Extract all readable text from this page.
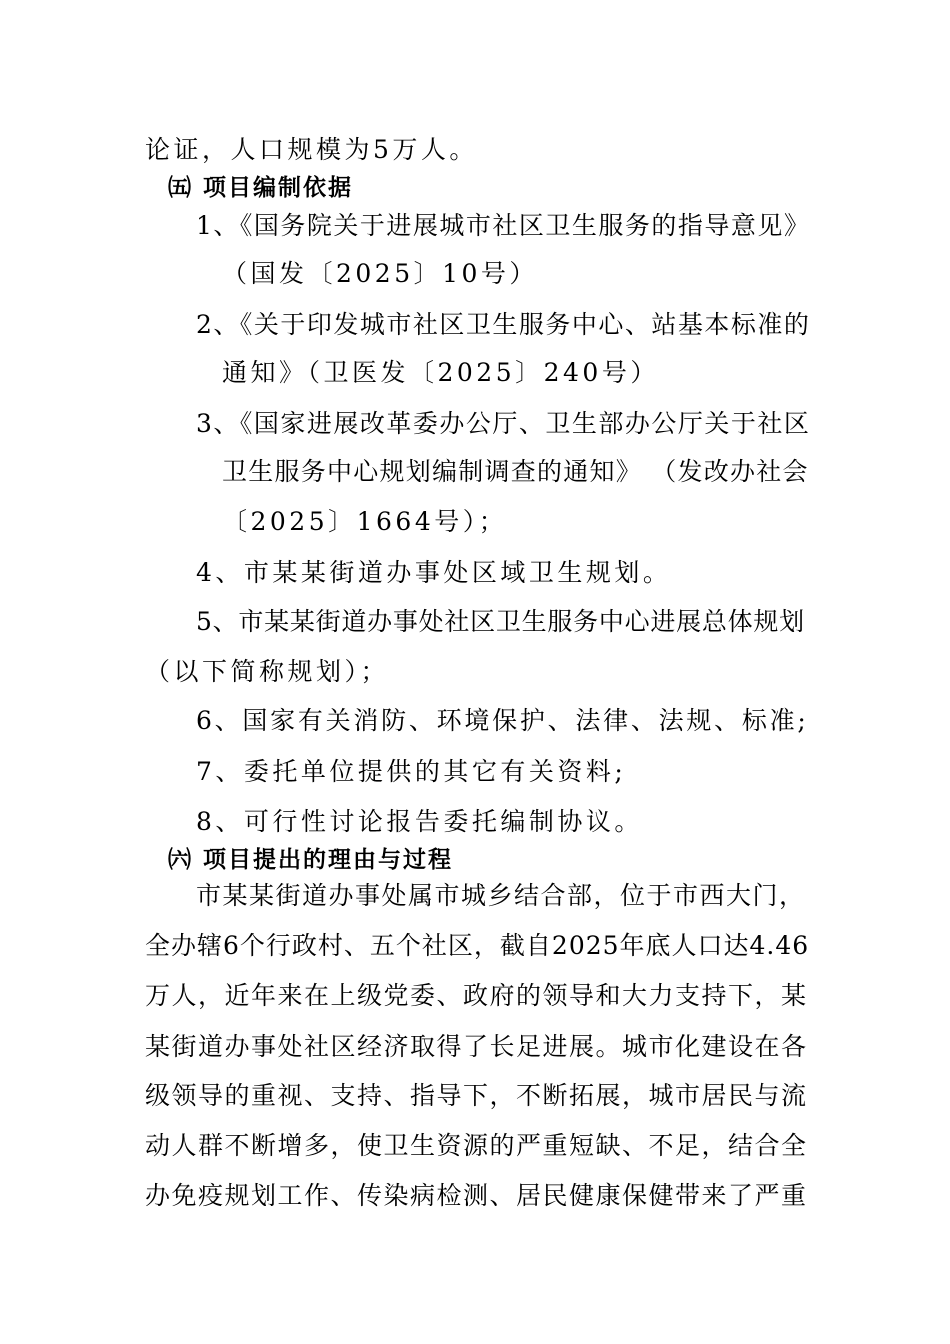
论证，人口规模为5万人。
㈤ 项目编制依据
1、《国务院关于进展城市社区卫生服务的指导意见》
（国发〔2025〕10号）
2、《关于印发城市社区卫生服务中心、站基本标准的
通知》（卫医发〔2025〕240号）
3、《国家进展改革委办公厅、卫生部办公厅关于社区
卫生服务中心规划编制调查的通知》 （发改办社会
〔2025〕1664号）；
4、市某某街道办事处区域卫生规划。
5、市某某街道办事处社区卫生服务中心进展总体规划
（以下简称规划）；
6、国家有关消防、环境保护、法律、法规、标准;
7、委托单位提供的其它有关资料;
8、可行性讨论报告委托编制协议。
㈥ 项目提出的理由与过程
市某某街道办事处属市城乡结合部，位于市西大门，
全办辖6个行政村、五个社区，截自2025年底人口达4.46
万人，近年来在上级党委、政府的领导和大力支持下，某
某街道办事处社区经济取得了长足进展。城市化建设在各
级领导的重视、支持、指导下，不断拓展，城市居民与流
动人群不断增多，使卫生资源的严重短缺、不足，结合全
办免疫规划工作、传染病检测、居民健康保健带来了严重
